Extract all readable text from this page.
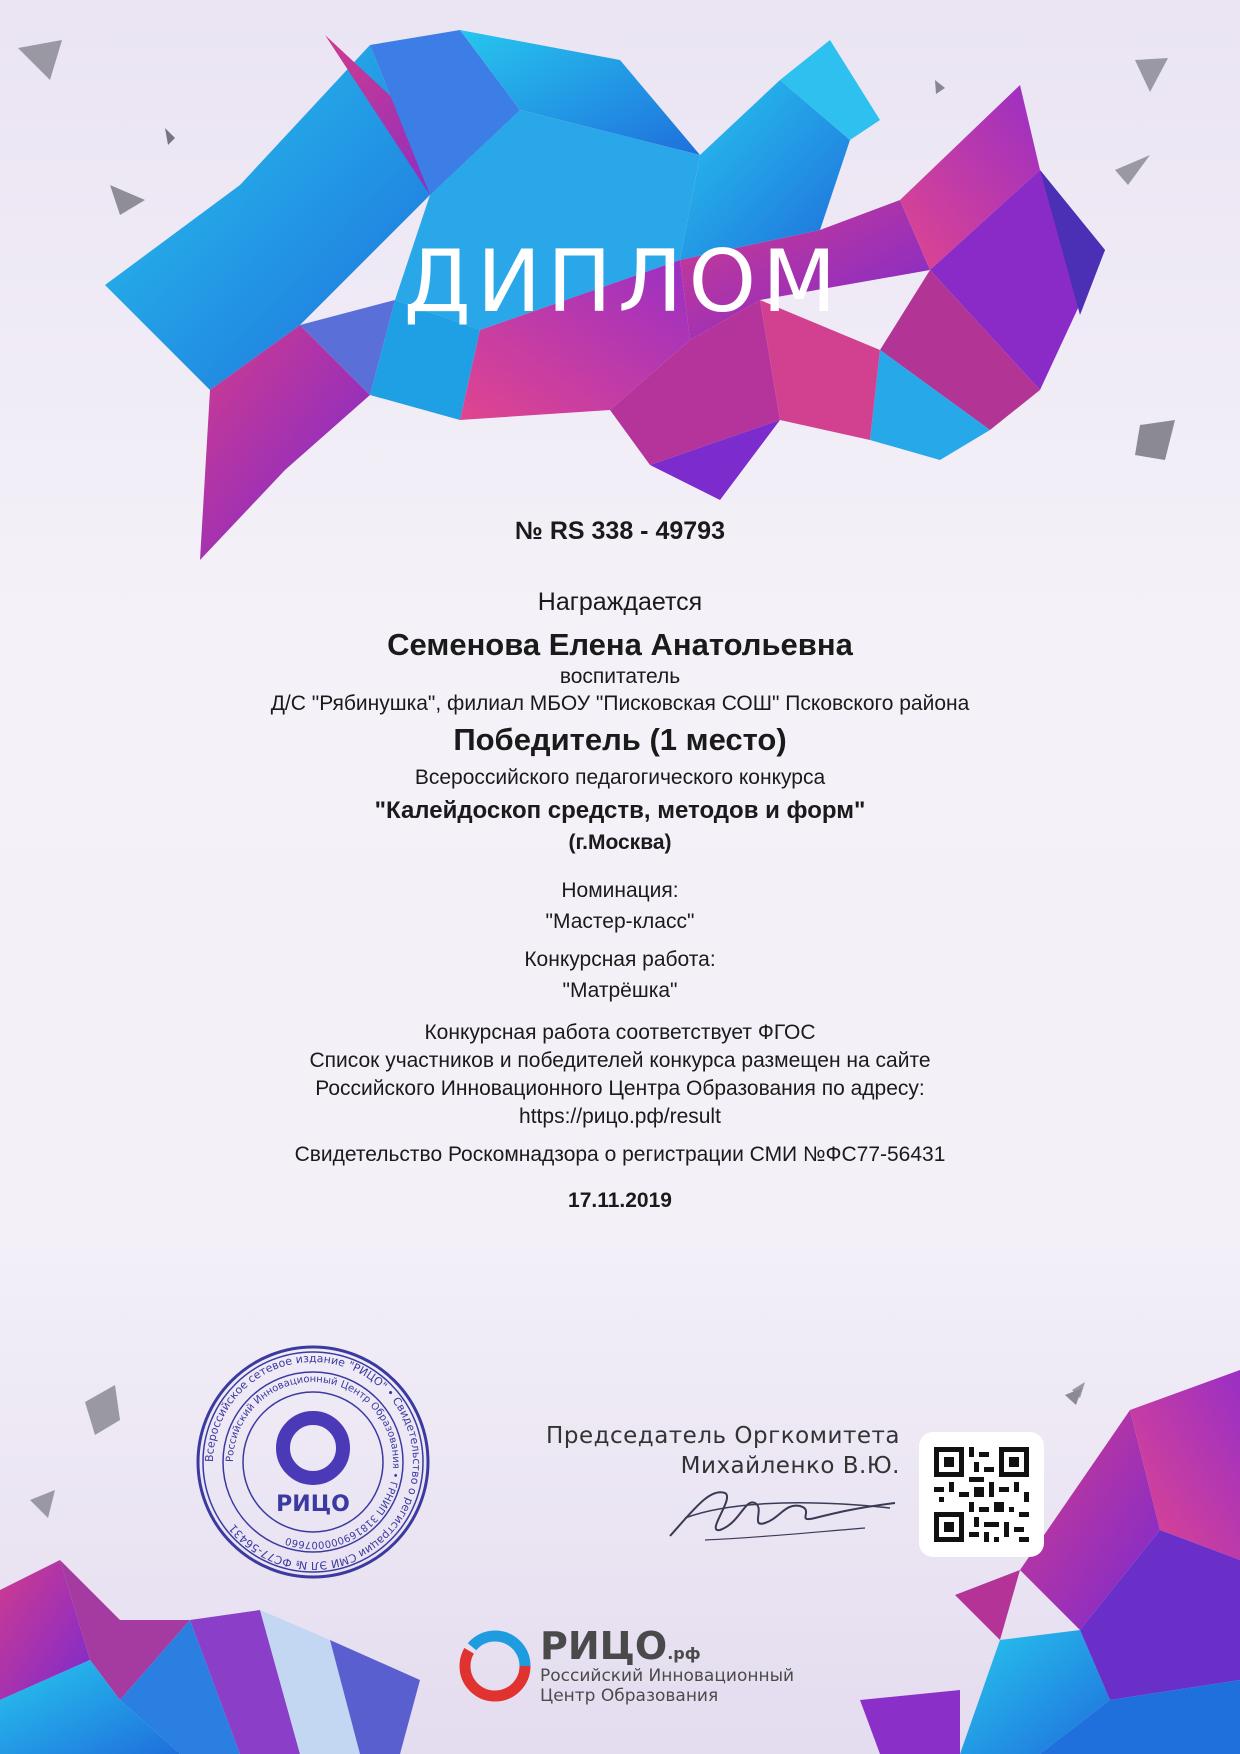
ДИПЛОМ
№ RS 338 - 49793
Награждается
Семенова Елена Анатольевна
воспитатель
Д/С "Рябинушка", филиал МБОУ "Писковская СОШ" Псковского района
Победитель (1 место)
Всероссийского педагогического конкурса
"Калейдоскоп средств, методов и форм"
(г.Москва)
Номинация:
"Мастер-класс"
Конкурсная работа:
"Матрёшка"
Конкурсная работа соответствует ФГОС
Список участников и победителей конкурса размещен на сайте
Российского Инновационного Центра Образования по адресу:
https://рицо.рф/result
Свидетельство Роскомнадзора о регистрации СМИ №ФС77-56431
17.11.2019
Председатель Оргкомитета
Михайленко В.Ю.
Всероссийское сетевое издание "РИЦО" • Свидетельство о регистрации СМИ ЭЛ № ФС77-56431
Российский Инновационный Центр Образования • ГРНИП 318169000007660
РИЦО
РИЦО.рф
Российский Инновационный
Центр Образования
